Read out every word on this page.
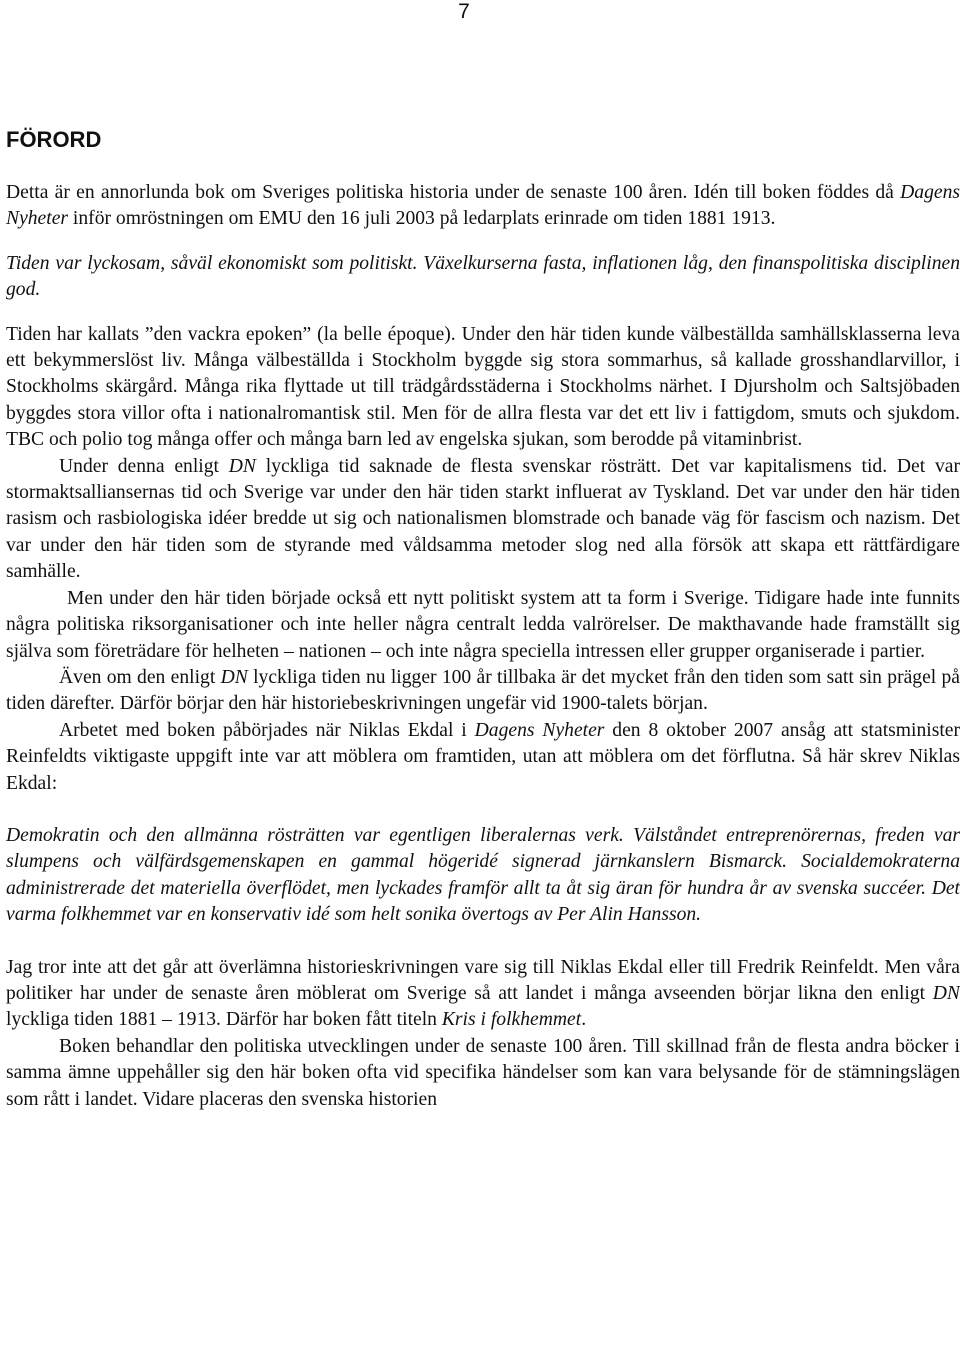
7
FÖRORD

Detta är en annorlunda bok om Sveriges politiska historia under de senaste 100 åren. Idén till boken föddes då Dagens Nyheter inför omröstningen om EMU den 16 juli 2003 på ledarplats erinrade om tiden 1881 1913.

Tiden var lyckosam, såväl ekonomiskt som politiskt. Växelkurserna fasta, inflationen låg, den finanspolitiska disciplinen god.

Tiden har kallats ”den vackra epoken” (la belle époque). Under den här tiden kunde välbeställda samhällsklasserna leva ett bekymmerslöst liv. Många välbeställda i Stockholm byggde sig stora sommarhus, så kallade grosshandlarvillor, i Stockholms skärgård. Många rika flyttade ut till trädgårdsstäderna i Stockholms närhet. I Djursholm och Saltsjöbaden byggdes stora villor ofta i nationalromantisk stil. Men för de allra flesta var det ett liv i fattigdom, smuts och sjukdom. TBC och polio tog många offer och många barn led av engelska sjukan, som berodde på vitaminbrist.

Under denna enligt DN lyckliga tid saknade de flesta svenskar rösträtt. Det var kapitalismens tid. Det var stormaktsalliansernas tid och Sverige var under den här tiden starkt influerat av Tyskland. Det var under den här tiden rasism och rasbiologiska idéer bredde ut sig och nationalismen blomstrade och banade väg för fascism och nazism. Det var under den här tiden som de styrande med våldsamma metoder slog ned alla försök att skapa ett rättfärdigare samhälle.

Men under den här tiden började också ett nytt politiskt system att ta form i Sverige. Tidigare hade inte funnits några politiska riksorganisationer och inte heller några centralt ledda valrörelser. De makthavande hade framställt sig själva som företrädare för helheten – nationen – och inte några speciella intressen eller grupper organiserade i partier.

Även om den enligt DN lyckliga tiden nu ligger 100 år tillbaka är det mycket från den tiden som satt sin prägel på tiden därefter. Därför börjar den här historiebeskrivningen ungefär vid 1900-talets början.

Arbetet med boken påbörjades när Niklas Ekdal i Dagens Nyheter den 8 oktober 2007 ansåg att statsminister Reinfeldts viktigaste uppgift inte var att möblera om framtiden, utan att möblera om det förflutna. Så här skrev Niklas Ekdal:

Demokratin och den allmänna rösträtten var egentligen liberalernas verk. Välståndet entreprenörernas, freden var slumpens och välfärdsgemenskapen en gammal högeridé signerad järnkanslern Bismarck. Socialdemokraterna administrerade det materiella överflödet, men lyckades framför allt ta åt sig äran för hundra år av svenska succéer. Det varma folkhemmet var en konservativ idé som helt sonika övertogs av Per Alin Hansson.

Jag tror inte att det går att överlämna historieskrivningen vare sig till Niklas Ekdal eller till Fredrik Reinfeldt. Men våra politiker har under de senaste åren möblerat om Sverige så att landet i många avseenden börjar likna den enligt DN lyckliga tiden 1881 – 1913. Därför har boken fått titeln Kris i folkhemmet.

Boken behandlar den politiska utvecklingen under de senaste 100 åren. Till skillnad från de flesta andra böcker i samma ämne uppehåller sig den här boken ofta vid specifika händelser som kan vara belysande för de stämningslägen som rått i landet. Vidare placeras den svenska historien
